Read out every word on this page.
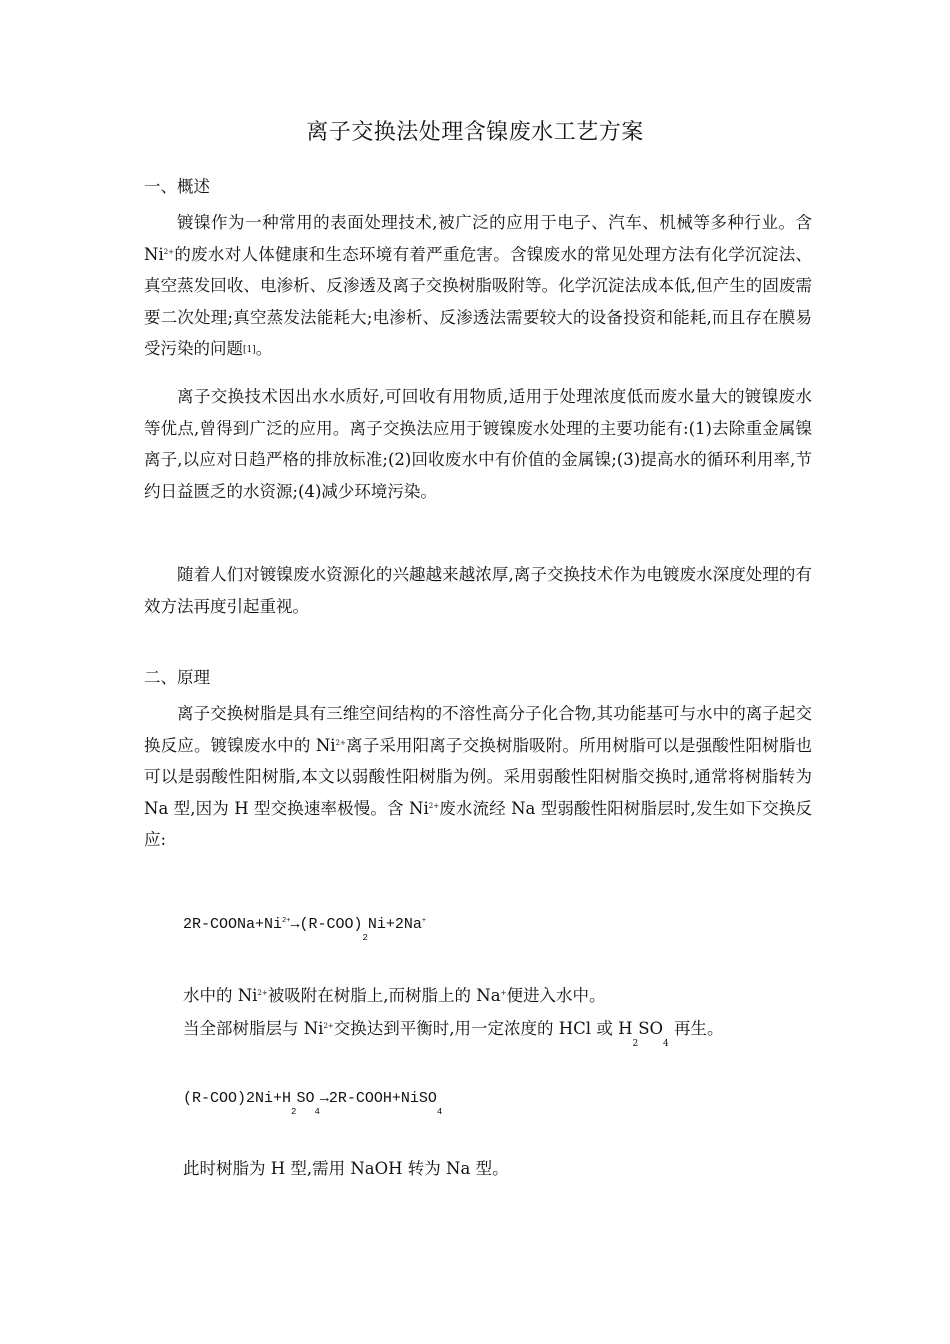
离子交换法处理含镍废水工艺方案
一、概述
镀镍作为一种常用的表面处理技术,被广泛的应用于电子、汽车、机械等多种行业。含 $Ni^{2+}$的废水对人体健康和生态环境有着严重危害。含镍废水的常见处理方法有化学沉淀法、真空蒸发回收、电渗析、反渗透及离子交换树脂吸附等。化学沉淀法成本低,但产生的固废需要二次处理;真空蒸发法能耗大;电渗析、反渗透法需要较大的设备投资和能耗,而且存在膜易受污染的问题[1]。
离子交换技术因出水水质好,可回收有用物质,适用于处理浓度低而废水量大的镀镍废水等优点,曾得到广泛的应用。离子交换法应用于镀镍废水处理的主要功能有:(1)去除重金属镍离子,以应对日趋严格的排放标准;(2)回收废水中有价值的金属镍;(3)提高水的循环利用率,节约日益匮乏的水资源;(4)减少环境污染。
随着人们对镀镍废水资源化的兴趣越来越浓厚,离子交换技术作为电镀废水深度处理的有效方法再度引起重视。
二、原理
离子交换树脂是具有三维空间结构的不溶性高分子化合物,其功能基可与水中的离子起交换反应。镀镍废水中的 $Ni^{2+}$离子采用阳离子交换树脂吸附。所用树脂可以是强酸性阳树脂也可以是弱酸性阳树脂,本文以弱酸性阳树脂为例。采用弱酸性阳树脂交换时,通常将树脂转为 Na 型,因为 H 型交换速率极慢。含 $Ni^{2+}$废水流经 Na 型弱酸性阳树脂层时,发生如下交换反应:
$2R-COONa+Ni^{2+}\to(R-COO)_2Ni+2Na^+$
水中的 $Ni^{2+}$被吸附在树脂上,而树脂上的 Na+便进入水中。
当全部树脂层与 $Ni^{2+}$交换达到平衡时,用一定浓度的 HCl 或 $H_2SO_4$ 再生。
$(R-COO)2Ni+H_2SO_4\to 2R-COOH+NiSO_4$
此时树脂为 H 型,需用 NaOH 转为 Na 型。
